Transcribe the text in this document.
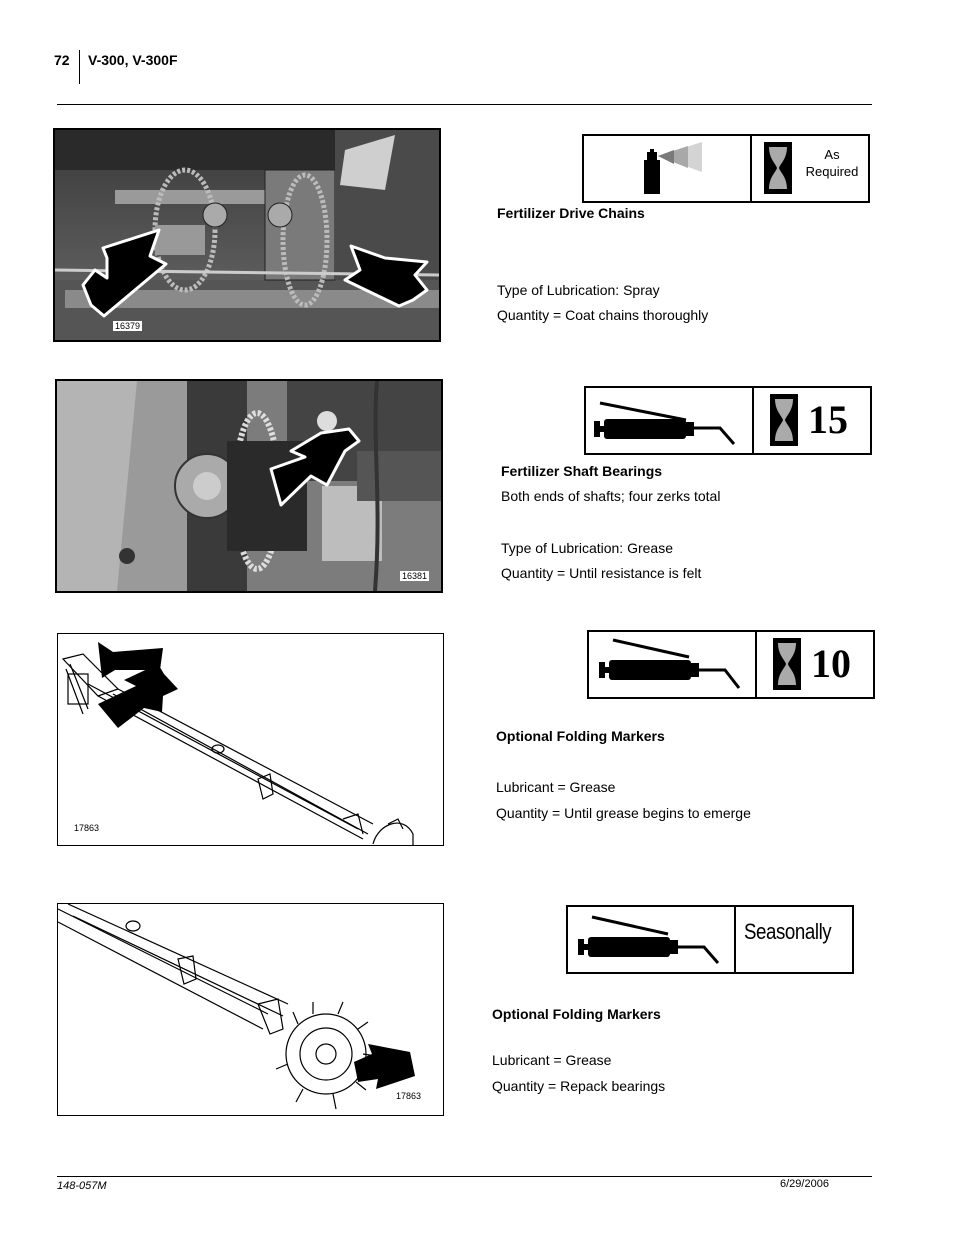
72 V-300, V-300F
16379
As
Required
Fertilizer Drive Chains
Type of Lubrication: Spray
Quantity = Coat chains thoroughly
16381
15
Fertilizer Shaft Bearings
Both ends of shafts; four zerks total
Type of Lubrication: Grease
Quantity = Until resistance is felt
17863
10
Optional Folding Markers
Lubricant = Grease
Quantity = Until grease begins to emerge
17863
Seasonally
Optional Folding Markers
Lubricant = Grease
Quantity = Repack bearings
148-057M	6/29/2006
